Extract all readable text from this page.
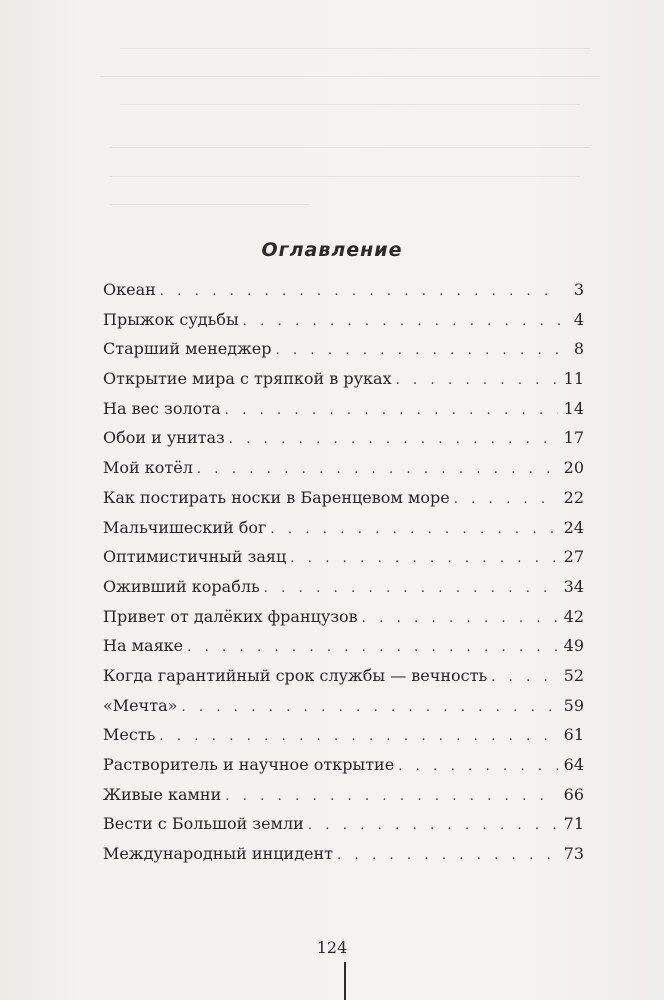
Оглавление
Океан . . .	3
Прыжок судьбы . . .	4
Старший менеджер . . .	8
Открытие мира с тряпкой в руках . . .	11
На вес золота . . .	14
Обои и унитаз . . .	17
Мой котёл . . .	20
Как постирать носки в Баренцевом море . . .	22
Мальчишеский бог . . .	24
Оптимистичный заяц . . .	27
Оживший корабль . . .	34
Привет от далёких французов . . .	42
На маяке . . .	49
Когда гарантийный срок службы — вечность . . .	52
«Мечта» . . .	59
Месть . . .	61
Растворитель и научное открытие . . .	64
Живые камни . . .	66
Вести с Большой земли . . .	71
Международный инцидент . . .	73
124
